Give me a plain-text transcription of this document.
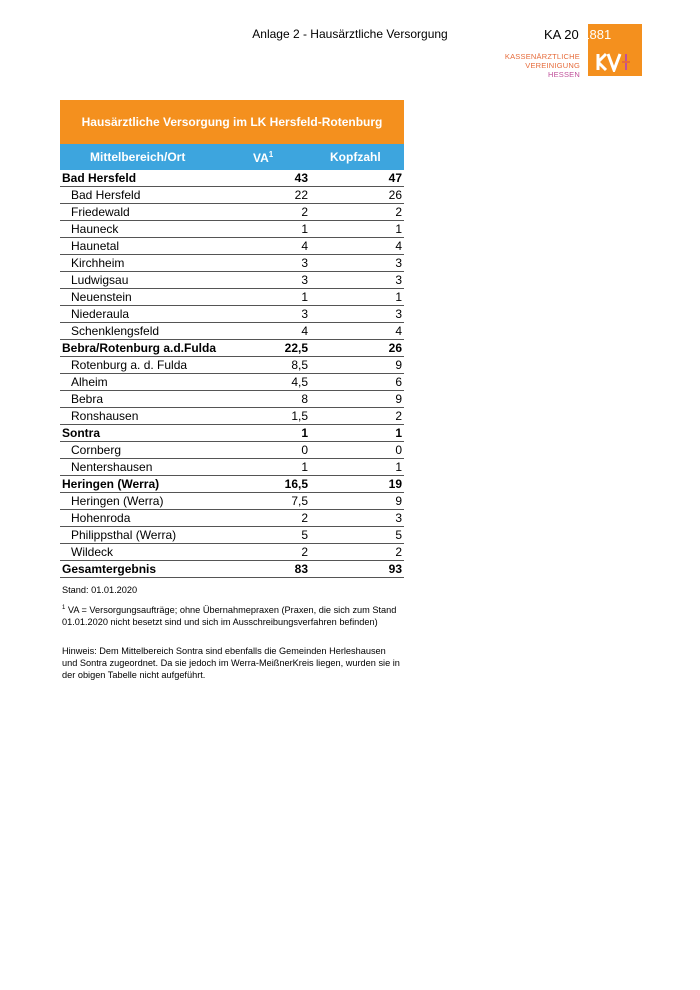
Anlage 2 - Hausärztliche Versorgung	KA 20/1881
KASSENÄRZTLICHE
VEREINIGUNG
HESSEN
Hausärztliche Versorgung im LK Hersfeld-Rotenburg
Mittelbereich/Ort	$VA^1$	Kopfzahl
Bad Hersfeld	43	47
Bad Hersfeld	22	26
Friedewald	2	2
Hauneck	1	1
Haunetal	4	4
Kirchheim	3	3
Ludwigsau	3	3
Neuenstein	1	1
Niederaula	3	3
Schenklengsfeld	4	4
Bebra/Rotenburg a.d.Fulda	22,5	26
Rotenburg a. d. Fulda	8,5	9
Alheim	4,5	6
Bebra	8	9
Ronshausen	1,5	2
Sontra	1	1
Cornberg	0	0
Nentershausen	1	1
Heringen (Werra)	16,5	19
Heringen (Werra)	7,5	9
Hohenroda	2	3
Philippsthal (Werra)	5	5
Wildeck	2	2
Gesamtergebnis	83	93
Stand: 01.01.2020
$^1$ VA = Versorgungsaufträge; ohne Übernahmepraxen (Praxen, die sich zum Stand 01.01.2020 nicht besetzt sind und sich im Ausschreibungsverfahren befinden)
Hinweis: Dem Mittelbereich Sontra sind ebenfalls die Gemeinden Herleshausen und Sontra zugeordnet. Da sie jedoch im Werra-MeißnerKreis liegen, wurden sie in der obigen Tabelle nicht aufgeführt.
